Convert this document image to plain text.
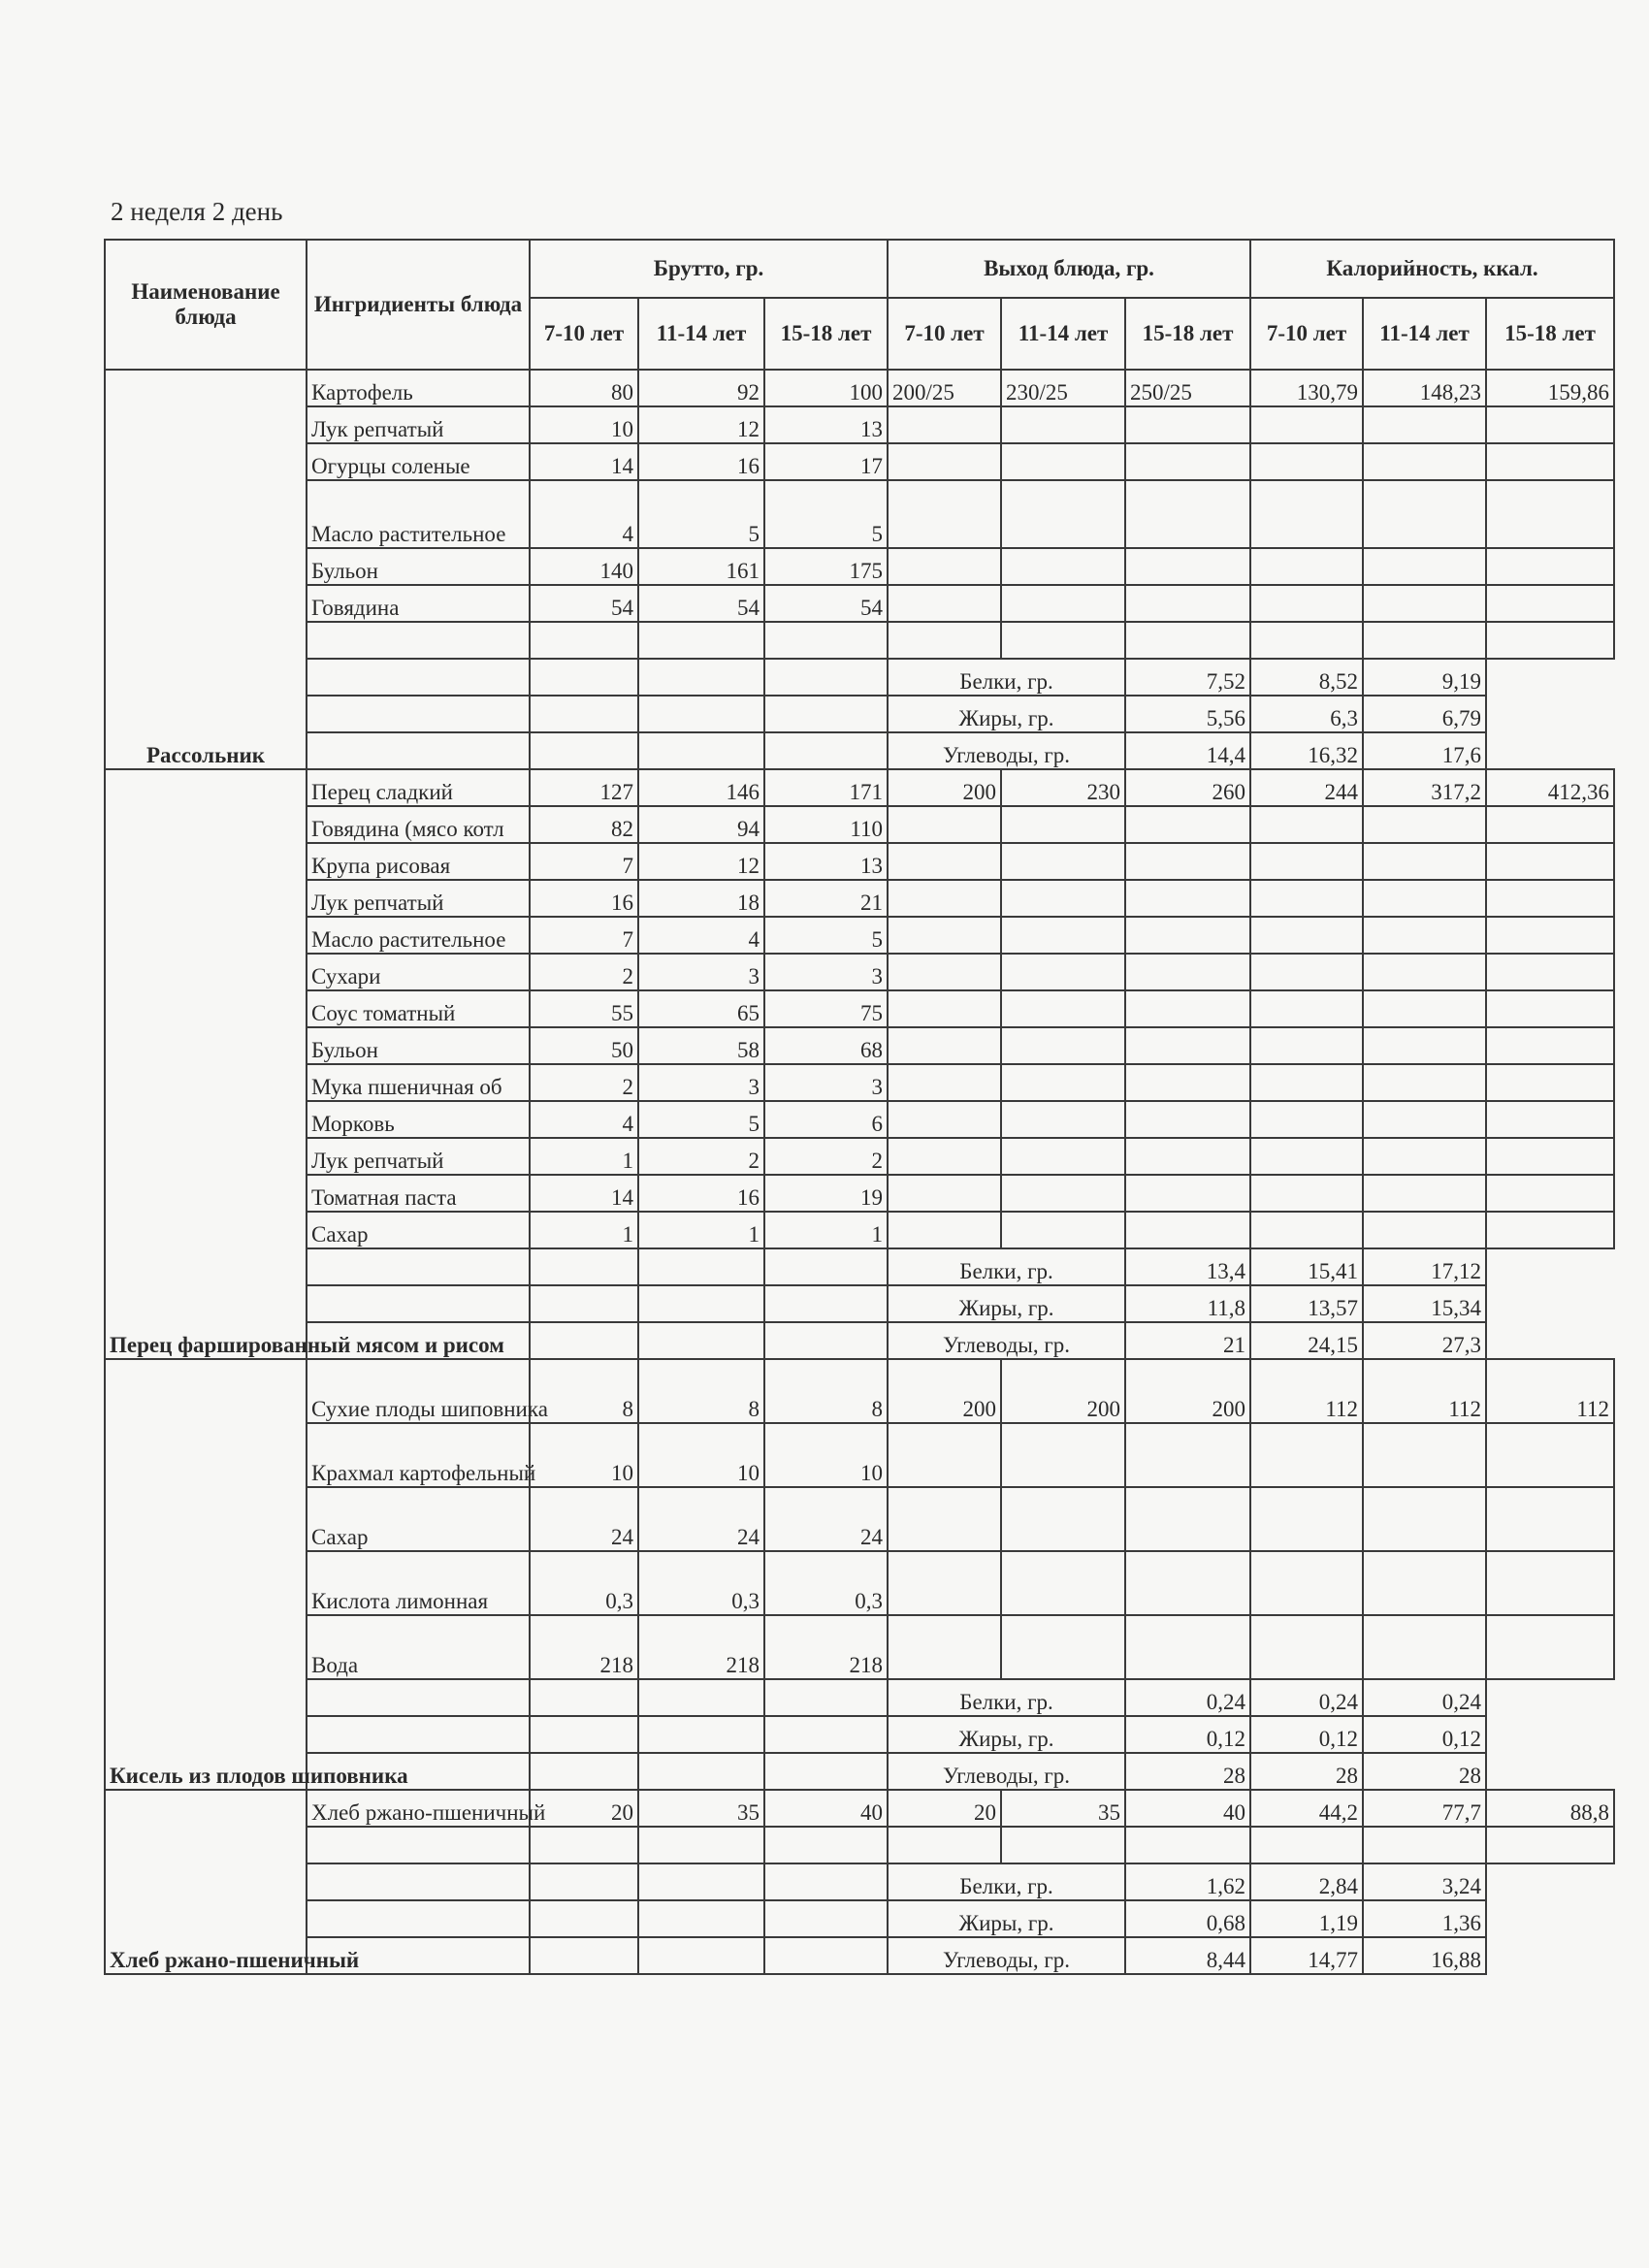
2 неделя 2 день
Наименование блюда	Ингридиенты блюда	Брутто, гр.			Выход блюда, гр.			Калорийность, ккал.		
		7-10 лет	11-14 лет	15-18 лет	7-10 лет	11-14 лет	15-18 лет	7-10 лет	11-14 лет	15-18 лет
Рассольник	Картофель	80	92	100	200/25	230/25	250/25	130,79	148,23	159,86
	Лук репчатый	10	12	13						
	Огурцы соленые	14	16	17						
	Масло растительное	4	5	5						
	Бульон	140	161	175						
	Говядина	54	54	54						

					Белки, гр.		7,52	8,52	9,19	
					Жиры, гр.		5,56	6,3	6,79	
					Углеводы, гр.		14,4	16,32	17,6	
Перец фаршированный мясом и рисом	Перец сладкий	127	146	171	200	230	260	244	317,2	412,36
	Говядина (мясо котл	82	94	110						
	Крупа рисовая	7	12	13						
	Лук репчатый	16	18	21						
	Масло растительное	7	4	5						
	Сухари	2	3	3						
	Соус томатный	55	65	75						
	Бульон	50	58	68						
	Мука пшеничная об	2	3	3						
	Морковь	4	5	6						
	Лук репчатый	1	2	2						
	Томатная паста	14	16	19						
	Сахар	1	1	1						
					Белки, гр.		13,4	15,41	17,12	
					Жиры, гр.		11,8	13,57	15,34	
					Углеводы, гр.		21	24,15	27,3	
Кисель из плодов шиповника	Сухие плоды шиповника	8	8	8	200	200	200	112	112	112
	Крахмал картофельный	10	10	10						
	Сахар	24	24	24						
	Кислота лимонная	0,3	0,3	0,3						
	Вода	218	218	218						
					Белки, гр.		0,24	0,24	0,24	
					Жиры, гр.		0,12	0,12	0,12	
					Углеводы, гр.		28	28	28	
Хлеб ржано-пшеничный	Хлеб ржано-пшеничный	20	35	40	20	35	40	44,2	77,7	88,8

					Белки, гр.		1,62	2,84	3,24	
					Жиры, гр.		0,68	1,19	1,36	
					Углеводы, гр.		8,44	14,77	16,88	
